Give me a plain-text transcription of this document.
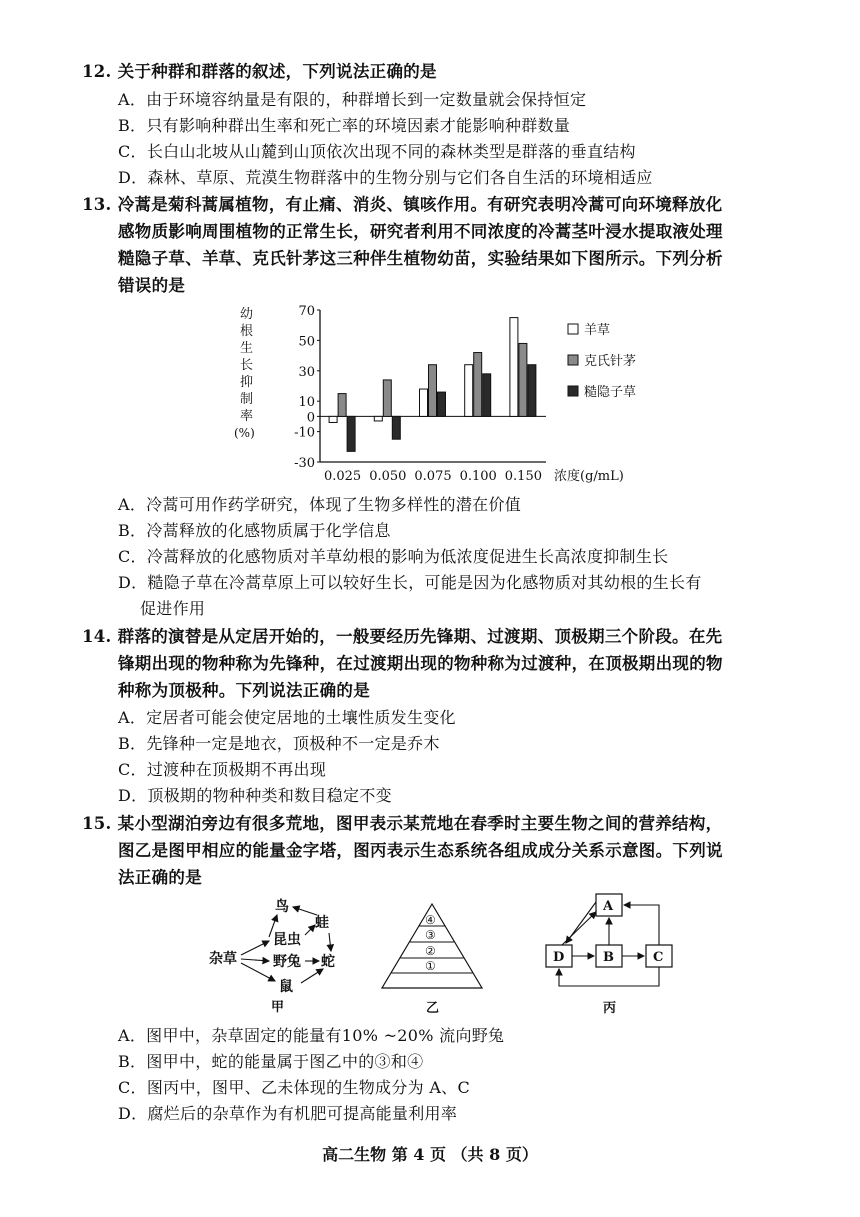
12. 关于种群和群落的叙述，下列说法正确的是
A．由于环境容纳量是有限的，种群增长到一定数量就会保持恒定
B．只有影响种群出生率和死亡率的环境因素才能影响种群数量
C．长白山北坡从山麓到山顶依次出现不同的森林类型是群落的垂直结构
D．森林、草原、荒漠生物群落中的生物分别与它们各自生活的环境相适应
13. 冷蒿是菊科蒿属植物，有止痛、消炎、镇咳作用。有研究表明冷蒿可向环境释放化
感物质影响周围植物的正常生长，研究者利用不同浓度的冷蒿茎叶浸水提取液处理
糙隐子草、羊草、克氏针茅这三种伴生植物幼苗，实验结果如下图所示。下列分析
错误的是
幼
根
生
长
抑
制
率
(%)
70
50
30
10
0
-10
-30
0.025 0.050 0.075 0.100 0.150 浓度(g/mL)
羊草
克氏针茅
糙隐子草
A．冷蒿可用作药学研究，体现了生物多样性的潜在价值
B．冷蒿释放的化感物质属于化学信息
C．冷蒿释放的化感物质对羊草幼根的影响为低浓度促进生长高浓度抑制生长
D．糙隐子草在冷蒿草原上可以较好生长，可能是因为化感物质对其幼根的生长有
促进作用
14. 群落的演替是从定居开始的，一般要经历先锋期、过渡期、顶极期三个阶段。在先
锋期出现的物种称为先锋种，在过渡期出现的物种称为过渡种，在顶极期出现的物
种称为顶极种。下列说法正确的是
A．定居者可能会使定居地的土壤性质发生变化
B．先锋种一定是地衣，顶极种不一定是乔木
C．过渡种在顶极期不再出现
D．顶极期的物种种类和数目稳定不变
15. 某小型湖泊旁边有很多荒地，图甲表示某荒地在春季时主要生物之间的营养结构，
图乙是图甲相应的能量金字塔，图丙表示生态系统各组成成分关系示意图。下列说
法正确的是
鸟
蛙
昆虫
杂草	野兔 蛇
鼠
甲
④
③
②
①
乙
A
D	B	C
丙
A．图甲中，杂草固定的能量有10% ~20% 流向野兔
B．图甲中，蛇的能量属于图乙中的③和④
C．图丙中，图甲、乙未体现的生物成分为 A、C
D．腐烂后的杂草作为有机肥可提高能量利用率
高二生物 第 4 页 （共 8 页）
